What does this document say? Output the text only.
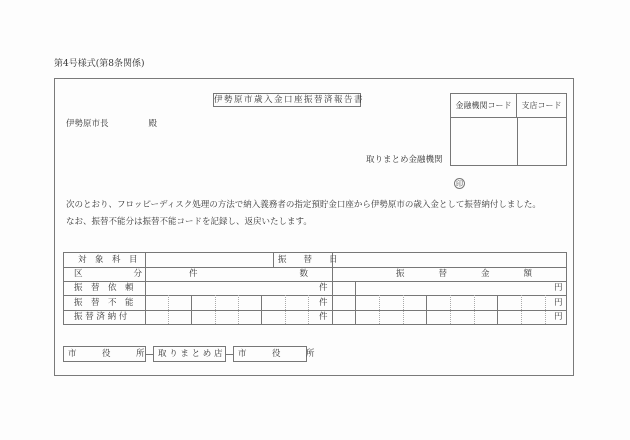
第4号様式(第8条関係)
伊勢原市歳入金口座振替済報告書
伊勢原市長	殿
金融機関コード	支店コード
取りまとめ金融機関
印
次のとおり、フロッピーディスク処理の方法で納入義務者の指定預貯金口座から伊勢原市の歳入金として振替納付しました。
なお、振替不能分は振替不能コードを記録し、返戻いたします。
対　象　科　目	振　　替　　日
区　　　　　　分	件　　　　　　　　　　　　数	振　　　　替　　　　金　　　　額
振　替　依　頼	件	円
振　替　不　能	件	円
振 替 済 納 付	件	円
市　　　役　　　所	取 り ま と め 店	市　　　役　　　所
